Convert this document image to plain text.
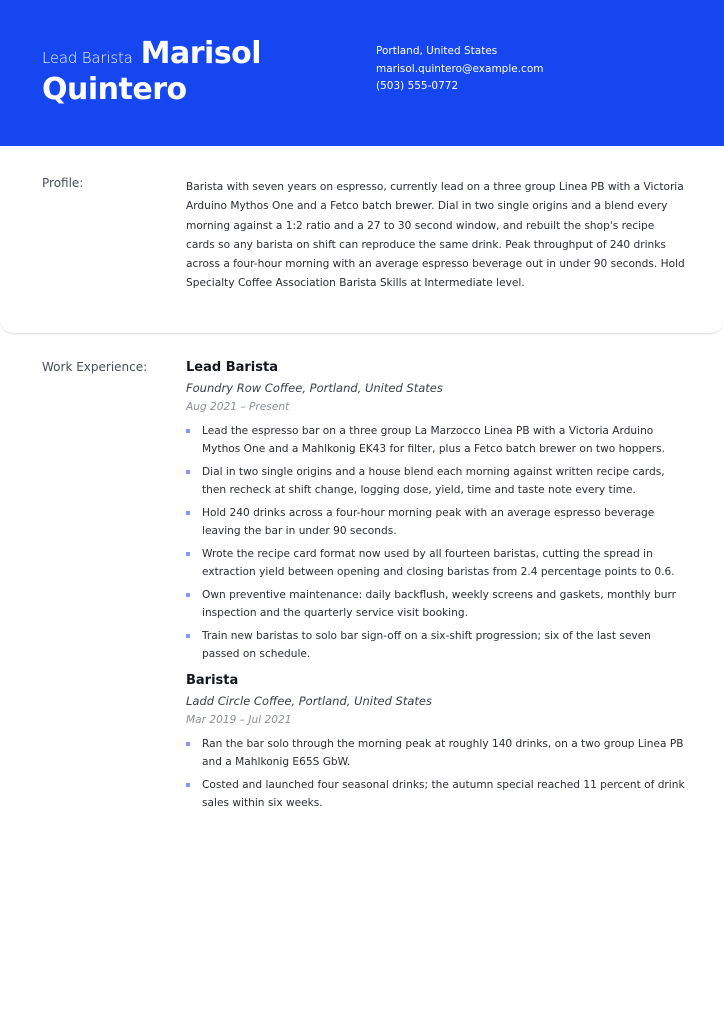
Lead Barista Marisol
Quintero
Portland, United States
marisol.quintero@example.com
(503) 555-0772
Profile:	Barista with seven years on espresso, currently lead on a three group Linea PB with a Victoria Arduino Mythos One and a Fetco batch brewer. Dial in two single origins and a blend every morning against a 1:2 ratio and a 27 to 30 second window, and rebuilt the shop's recipe cards so any barista on shift can reproduce the same drink. Peak throughput of 240 drinks across a four-hour morning with an average espresso beverage out in under 90 seconds. Hold Specialty Coffee Association Barista Skills at Intermediate level.
Work Experience:	Lead Barista
Foundry Row Coffee, Portland, United States
Aug 2021 – Present
Lead the espresso bar on a three group La Marzocco Linea PB with a Victoria Arduino Mythos One and a Mahlkonig EK43 for filter, plus a Fetco batch brewer on two hoppers.
Dial in two single origins and a house blend each morning against written recipe cards, then recheck at shift change, logging dose, yield, time and taste note every time.
Hold 240 drinks across a four-hour morning peak with an average espresso beverage leaving the bar in under 90 seconds.
Wrote the recipe card format now used by all fourteen baristas, cutting the spread in extraction yield between opening and closing baristas from 2.4 percentage points to 0.6.
Own preventive maintenance: daily backflush, weekly screens and gaskets, monthly burr inspection and the quarterly service visit booking.
Train new baristas to solo bar sign-off on a six-shift progression; six of the last seven passed on schedule.
Barista
Ladd Circle Coffee, Portland, United States
Mar 2019 – Jul 2021
Ran the bar solo through the morning peak at roughly 140 drinks, on a two group Linea PB and a Mahlkonig E65S GbW.
Costed and launched four seasonal drinks; the autumn special reached 11 percent of drink sales within six weeks.
